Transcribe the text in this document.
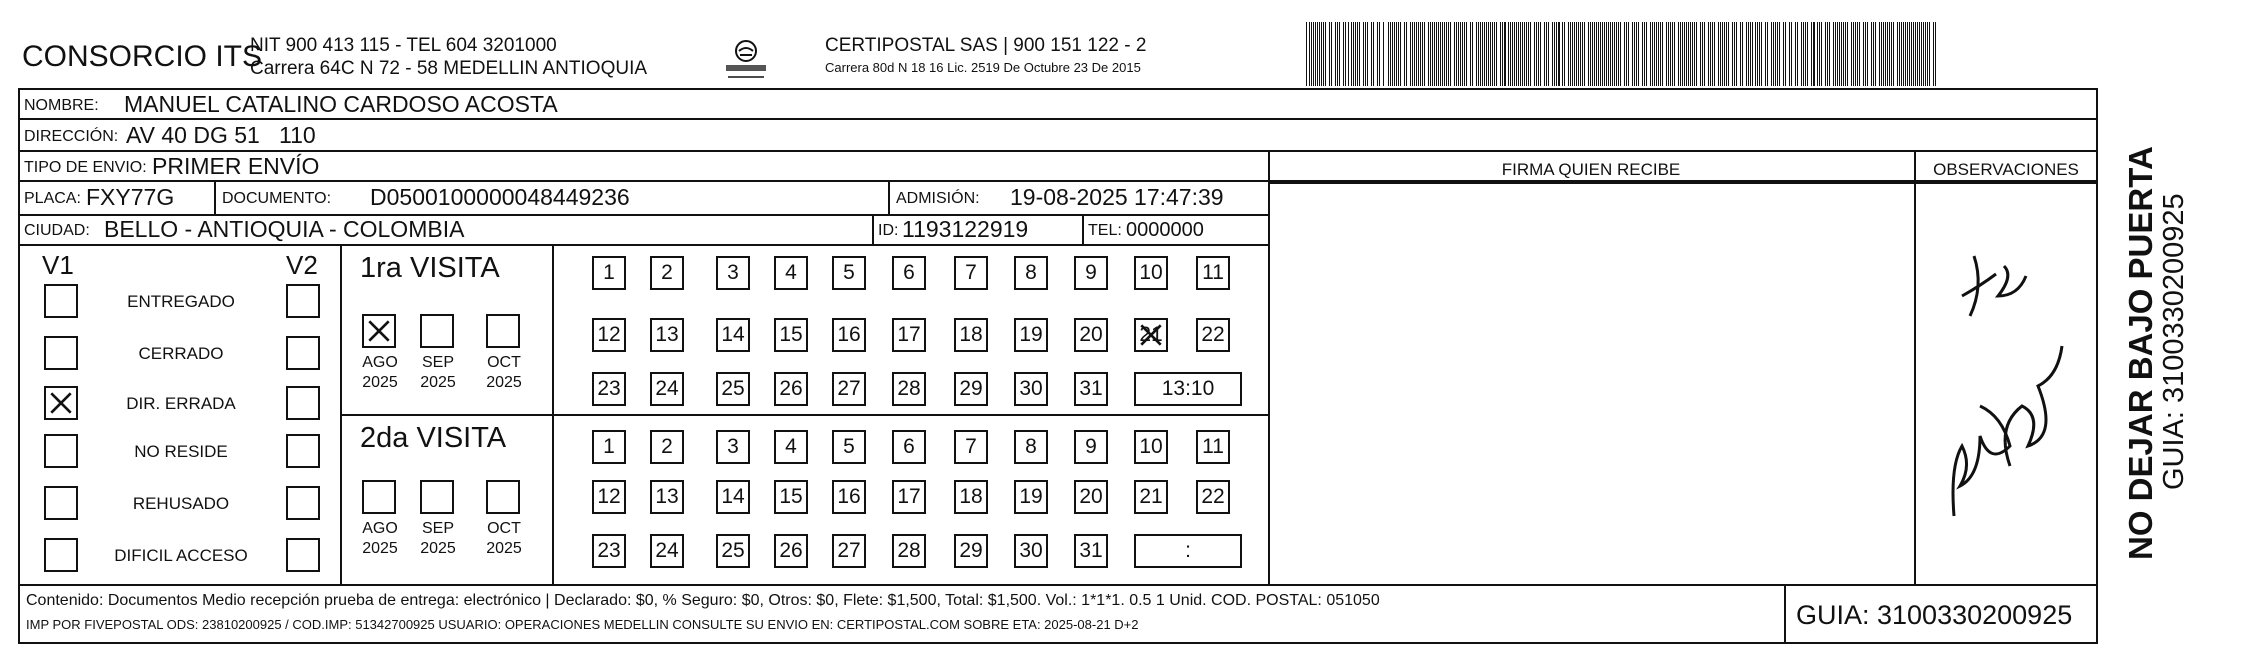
CONSORCIO ITS
NIT 900 413 115 - TEL 604 3201000
Carrera 64C N 72 - 58 MEDELLIN ANTIOQUIA
CERTIPOSTAL SAS | 900 151 122 - 2
Carrera 80d N 18 16 Lic. 2519 De Octubre 23 De 2015
NOMBRE: MANUEL CATALINO CARDOSO ACOSTA
DIRECCIÓN: AV 40 DG 51   110
TIPO DE ENVIO: PRIMER ENVÍO	FIRMA QUIEN RECIBE	OBSERVACIONES
PLACA: FXY77G	DOCUMENTO: D0500100000048449236	ADMISIÓN: 19-08-2025 17:47:39
CIUDAD: BELLO - ANTIOQUIA - COLOMBIA	ID: 1193122919	TEL: 0000000
V1	V2
ENTREGADO
CERRADO
DIR. ERRADA
NO RESIDE
REHUSADO
DIFICIL ACCESO
1ra VISITA
AGO
2025
SEP
2025
OCT
2025
1	2	3	4	5	6	7	8	9	10 11
12 13 14 15 16 17 18 19 20 21 22
23 24 25 26 27 28 29 30 31	13:10
2da VISITA
AGO
2025
SEP
2025
OCT
2025
1	2	3	4	5	6	7	8	9	10 11
12 13 14 15 16 17 18 19 20 21 22
23 24 25 26 27 28 29 30 31	:	NO DEJAR BAJO PUERTA GUIA: 3100330200925
Contenido: Documentos Medio recepción prueba de entrega: electrónico | Declarado: $0, % Seguro: $0, Otros: $0, Flete: $1,500, Total: $1,500. Vol.: 1*1*1. 0.5 1 Unid. COD. POSTAL: 051050
IMP POR FIVEPOSTAL ODS: 23810200925 / COD.IMP: 51342700925 USUARIO: OPERACIONES MEDELLIN CONSULTE SU ENVIO EN: CERTIPOSTAL.COM SOBRE ETA: 2025-08-21 D+2	GUIA: 3100330200925
